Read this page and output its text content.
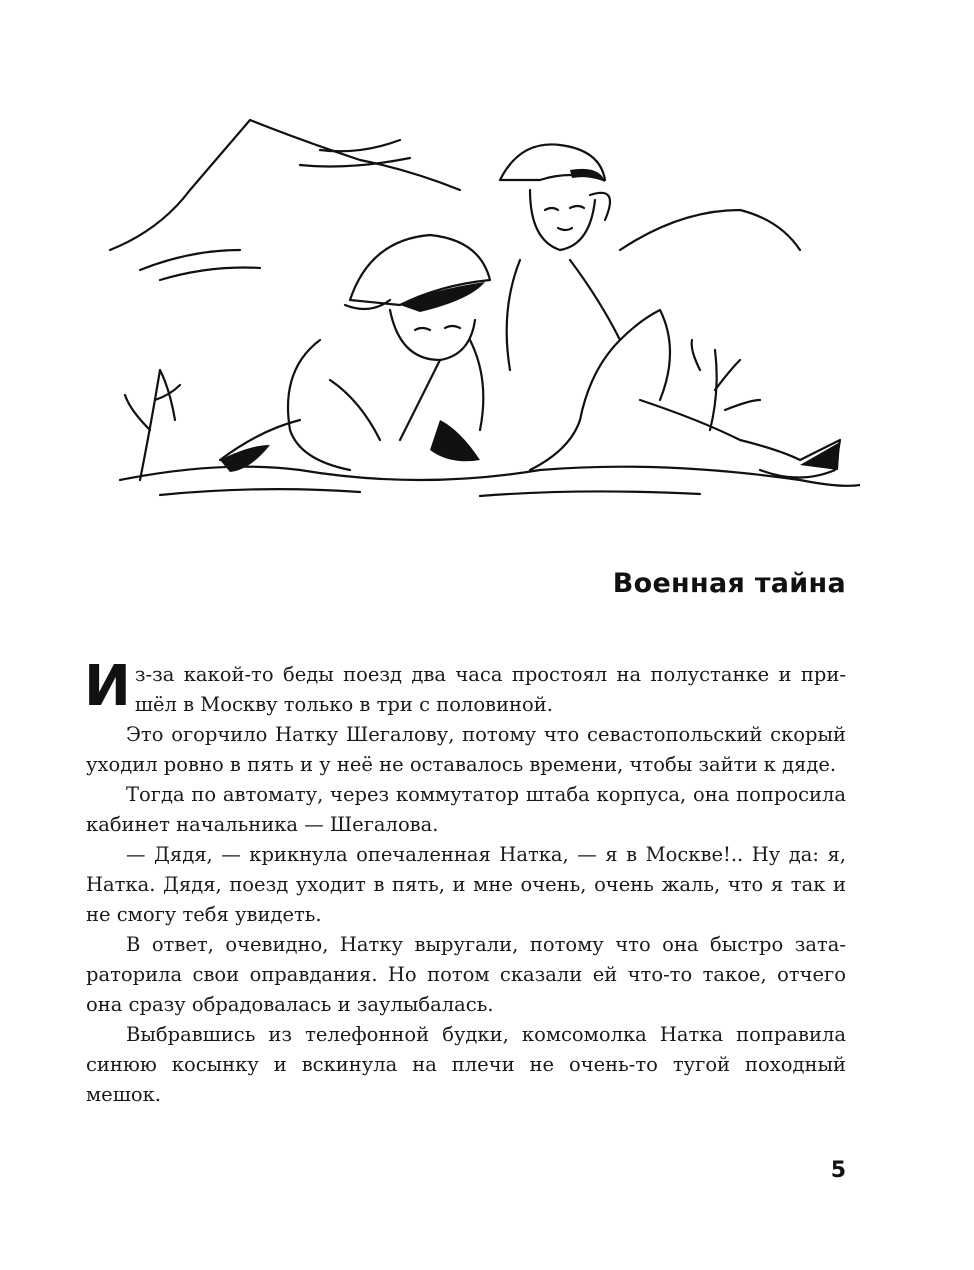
Военная тайна

Из-за какой-то беды поезд два часа простоял на полустанке и пришёл в Москву только в три с половиной.

Это огорчило Натку Шегалову, потому что севастопольский скорый уходил ровно в пять и у неё не оставалось времени, чтобы зайти к дяде.

Тогда по автомату, через коммутатор штаба корпуса, она попросила кабинет начальника — Шегалова.

— Дядя, — крикнула опечаленная Натка, — я в Москве!.. Ну да: я, Натка. Дядя, поезд уходит в пять, и мне очень, очень жаль, что я так и не смогу тебя увидеть.

В ответ, очевидно, Натку выругали, потому что она быстро затараторила свои оправдания. Но потом сказали ей что-то такое, отчего она сразу обрадовалась и заулыбалась.

Выбравшись из телефонной будки, комсомолка Натка поправила синюю косынку и вскинула на плечи не очень-то тугой походный мешок.

5
